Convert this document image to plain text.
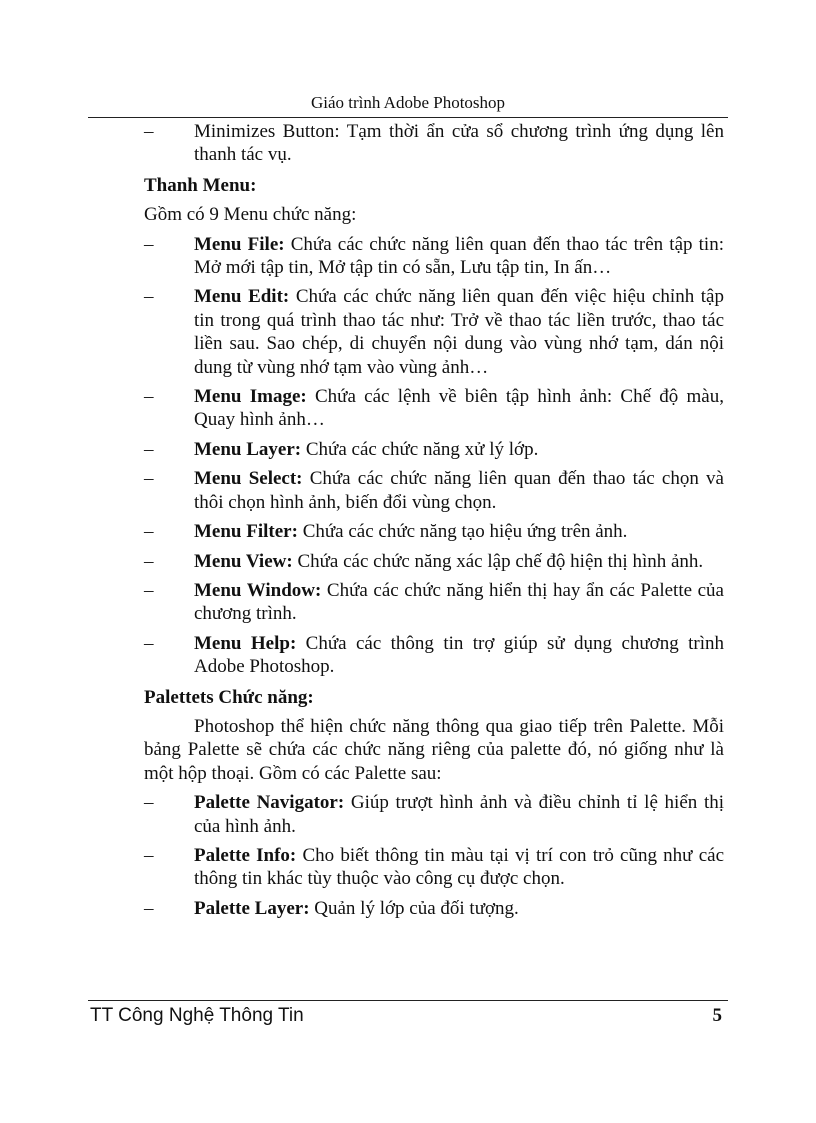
Giáo trình Adobe Photoshop
– Minimizes Button: Tạm thời ẩn cửa sổ chương trình ứng dụng lên thanh tác vụ.
Thanh Menu:
Gồm có 9 Menu chức năng:
– Menu File: Chứa các chức năng liên quan đến thao tác trên tập tin: Mở mới tập tin, Mở tập tin có sẵn, Lưu tập tin, In ấn…
– Menu Edit: Chứa các chức năng liên quan đến việc hiệu chỉnh tập tin trong quá trình thao tác như: Trở về thao tác liền trước, thao tác liền sau. Sao chép, di chuyển nội dung vào vùng nhớ tạm, dán nội dung từ vùng nhớ tạm vào vùng ảnh…
– Menu Image: Chứa các lệnh về biên tập hình ảnh: Chế độ màu, Quay hình ảnh…
– Menu Layer: Chứa các chức năng xử lý lớp.
– Menu Select: Chứa các chức năng liên quan đến thao tác chọn và thôi chọn hình ảnh, biến đổi vùng chọn.
– Menu Filter: Chứa các chức năng tạo hiệu ứng trên ảnh.
– Menu View: Chứa các chức năng xác lập chế độ hiện thị hình ảnh.
– Menu Window: Chứa các chức năng hiển thị hay ẩn các Palette của chương trình.
– Menu Help: Chứa các thông tin trợ giúp sử dụng chương trình Adobe Photoshop.
Palettets Chức năng:
Photoshop thể hiện chức năng thông qua giao tiếp trên Palette. Mỗi bảng Palette sẽ chứa các chức năng riêng của palette đó, nó giống như là một hộp thoại. Gồm có các Palette sau:
– Palette Navigator: Giúp trượt hình ảnh và điều chỉnh tỉ lệ hiển thị của hình ảnh.
– Palette Info: Cho biết thông tin màu tại vị trí con trỏ cũng như các thông tin khác tùy thuộc vào công cụ được chọn.
– Palette Layer: Quản lý lớp của đối tượng.
TT Công Nghệ Thông Tin	5
